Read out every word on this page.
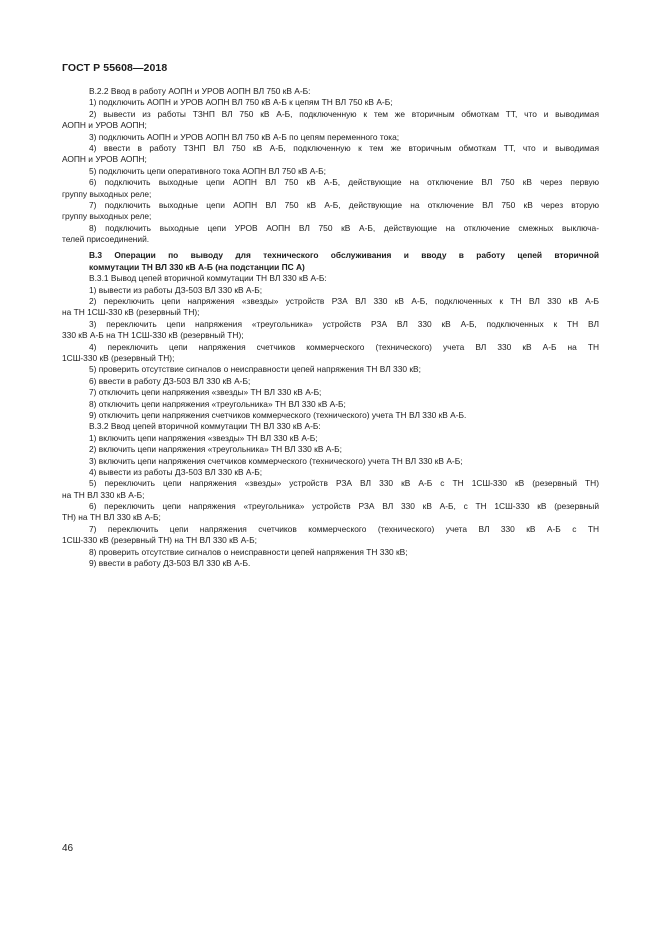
ГОСТ Р 55608—2018
В.2.2 Ввод в работу АОПН и УРОВ АОПН ВЛ 750 кВ А-Б:
1) подключить АОПН и УРОВ АОПН ВЛ 750 кВ А-Б к цепям ТН ВЛ 750 кВ А-Б;
2) вывести из работы ТЗНП ВЛ 750 кВ А-Б, подключенную к тем же вторичным обмоткам ТТ, что и выводимая
АОПН и УРОВ АОПН;
3) подключить АОПН и УРОВ АОПН ВЛ 750 кВ А-Б по цепям переменного тока;
4) ввести в работу ТЗНП ВЛ 750 кВ А-Б, подключенную к тем же вторичным обмоткам ТТ, что и выводимая
АОПН и УРОВ АОПН;
5) подключить цепи оперативного тока АОПН ВЛ 750 кВ А-Б;
6) подключить выходные цепи АОПН ВЛ 750 кВ А-Б, действующие на отключение ВЛ 750 кВ через первую
группу выходных реле;
7) подключить выходные цепи АОПН ВЛ 750 кВ А-Б, действующие на отключение ВЛ 750 кВ через вторую
группу выходных реле;
8) подключить выходные цепи УРОВ АОПН ВЛ 750 кВ А-Б, действующие на отключение смежных выключа-
телей присоединений.
В.3 Операции по выводу для технического обслуживания и вводу в работу цепей вторичной
коммутации ТН ВЛ 330 кВ А-Б (на подстанции ПС А)
В.3.1 Вывод цепей вторичной коммутации ТН ВЛ 330 кВ А-Б:
1) вывести из работы ДЗ-503 ВЛ 330 кВ А-Б;
2) переключить цепи напряжения «звезды» устройств РЗА ВЛ 330 кВ А-Б, подключенных к ТН ВЛ 330 кВ А-Б
на ТН 1СШ-330 кВ (резервный ТН);
3) переключить цепи напряжения «треугольника» устройств РЗА ВЛ 330 кВ А-Б, подключенных к ТН ВЛ
330 кВ А-Б на ТН 1СШ-330 кВ (резервный ТН);
4) переключить цепи напряжения счетчиков коммерческого (технического) учета ВЛ 330 кВ А-Б на ТН
1СШ-330 кВ (резервный ТН);
5) проверить отсутствие сигналов о неисправности цепей напряжения ТН ВЛ 330 кВ;
6) ввести в работу ДЗ-503 ВЛ 330 кВ А-Б;
7) отключить цепи напряжения «звезды» ТН ВЛ 330 кВ А-Б;
8) отключить цепи напряжения «треугольника» ТН ВЛ 330 кВ А-Б;
9) отключить цепи напряжения счетчиков коммерческого (технического) учета ТН ВЛ 330 кВ А-Б.
В.3.2 Ввод цепей вторичной коммутации ТН ВЛ 330 кВ А-Б:
1) включить цепи напряжения «звезды» ТН ВЛ 330 кВ А-Б;
2) включить цепи напряжения «треугольника» ТН ВЛ 330 кВ А-Б;
3) включить цепи напряжения счетчиков коммерческого (технического) учета ТН ВЛ 330 кВ А-Б;
4) вывести из работы ДЗ-503 ВЛ 330 кВ А-Б;
5) переключить цепи напряжения «звезды» устройств РЗА ВЛ 330 кВ А-Б с ТН 1СШ-330 кВ (резервный ТН)
на ТН ВЛ 330 кВ А-Б;
6) переключить цепи напряжения «треугольника» устройств РЗА ВЛ 330 кВ А-Б, с ТН 1СШ-330 кВ (резервный
ТН) на ТН ВЛ 330 кВ А-Б;
7) переключить цепи напряжения счетчиков коммерческого (технического) учета ВЛ 330 кВ А-Б с ТН
1СШ-330 кВ (резервный ТН) на ТН ВЛ 330 кВ А-Б;
8) проверить отсутствие сигналов о неисправности цепей напряжения ТН 330 кВ;
9) ввести в работу ДЗ-503 ВЛ 330 кВ А-Б.
46
